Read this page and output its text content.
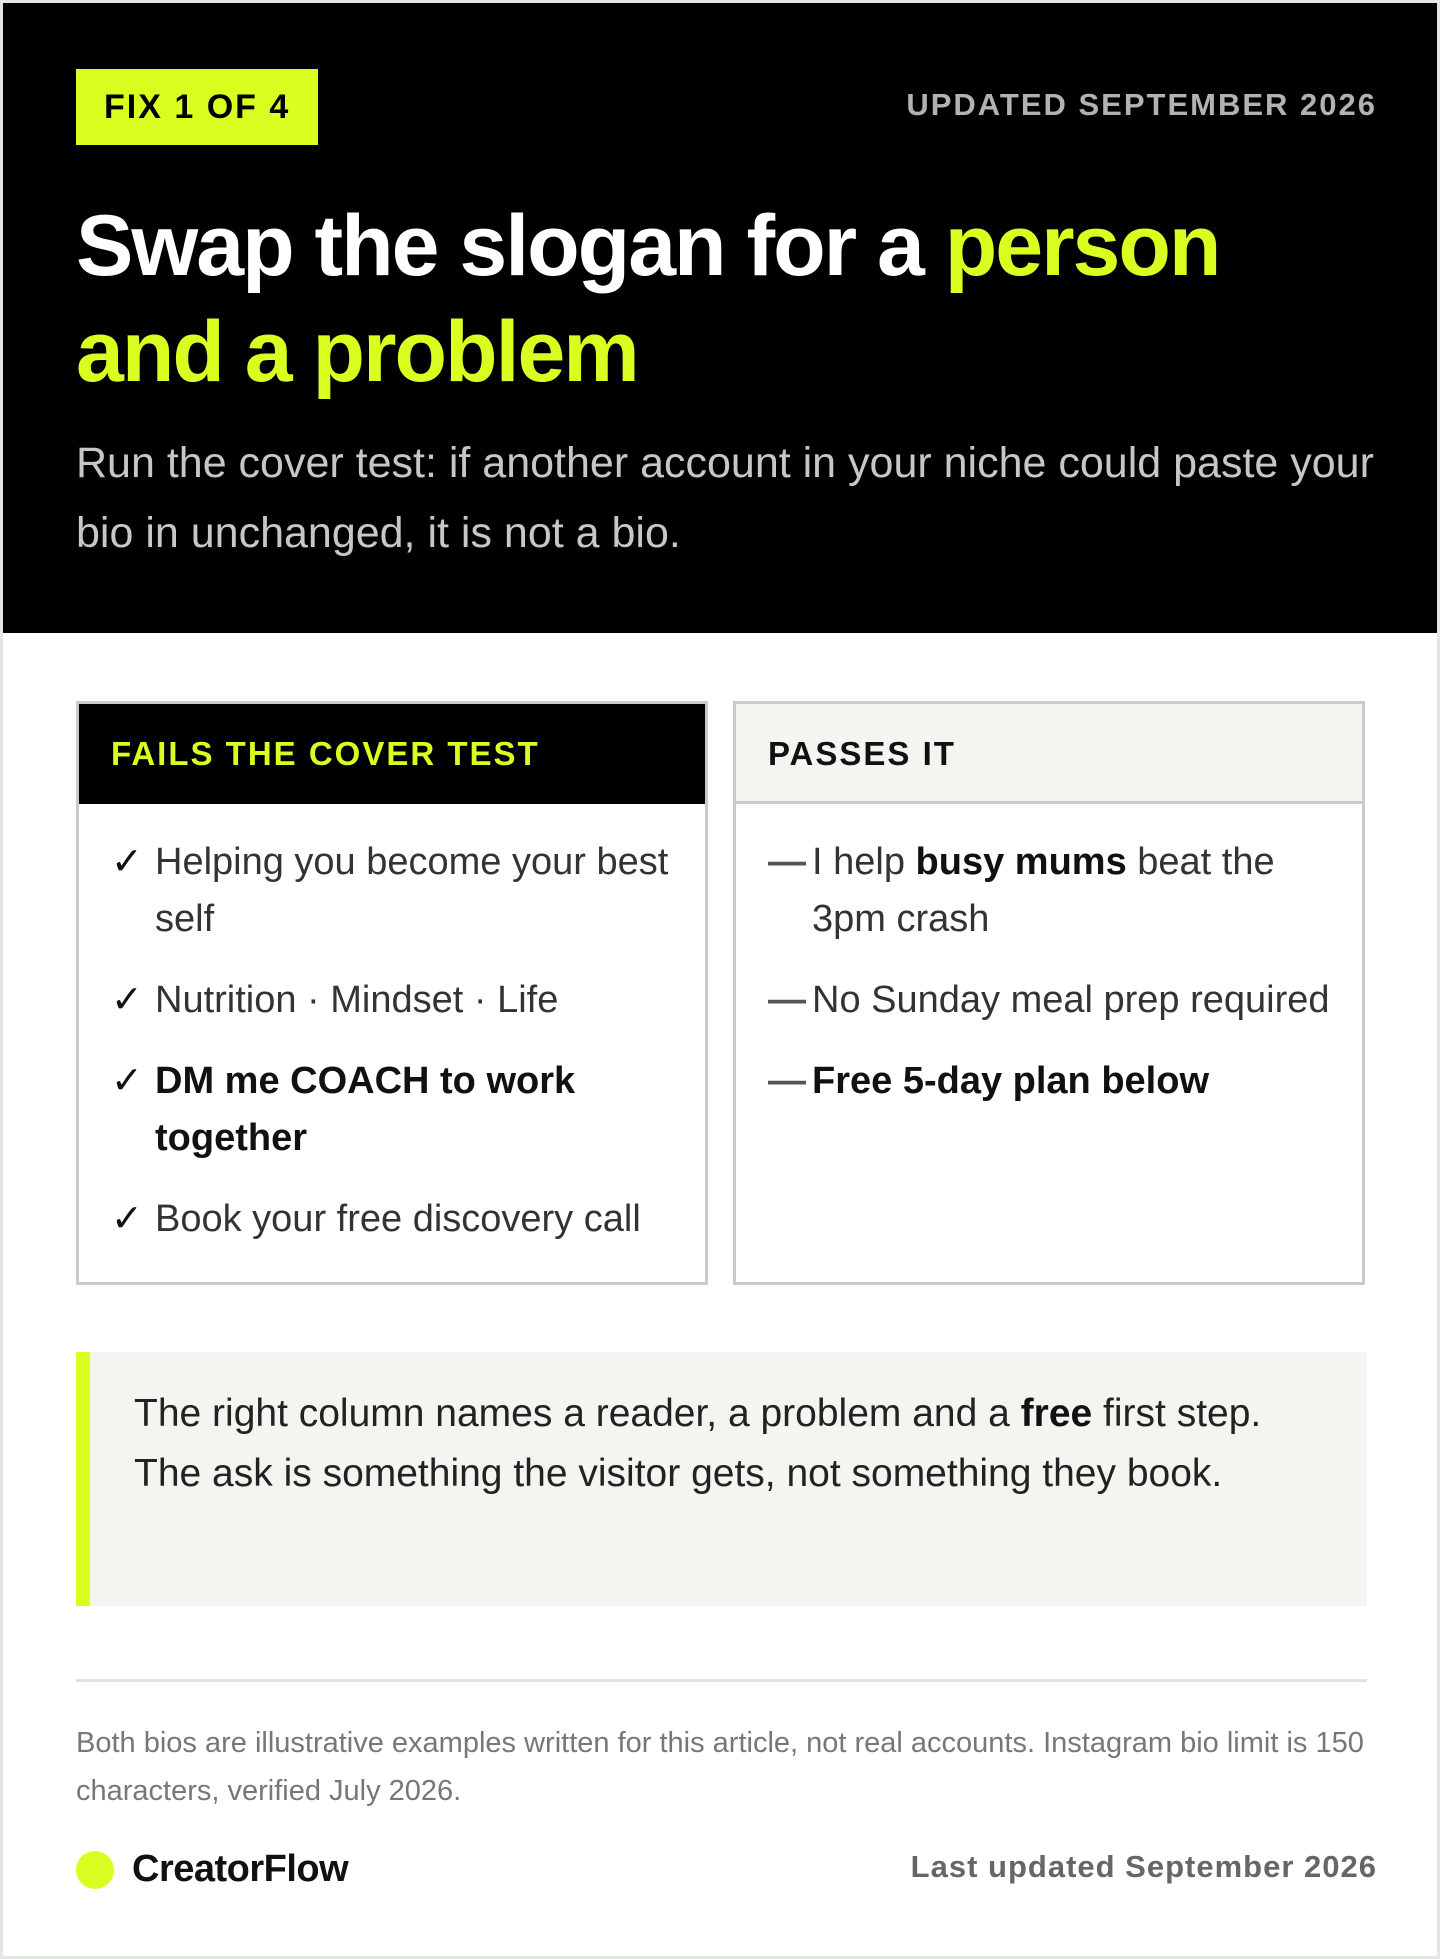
FIX 1 OF 4	UPDATED SEPTEMBER 2026
Swap the slogan for a person and a problem

Run the cover test: if another account in your niche could paste your bio in unchanged, it is not a bio.

FAILS THE COVER TEST
✓ Helping you become your best self
✓ Nutrition · Mindset · Life
✓ DM me COACH to work together
✓ Book your free discovery call
PASSES IT
— I help busy mums beat the 3pm crash
— No Sunday meal prep required
— Free 5-day plan below

The right column names a reader, a problem and a free first step. The ask is something the visitor gets, not something they book.

Both bios are illustrative examples written for this article, not real accounts. Instagram bio limit is 150 characters, verified July 2026.

CreatorFlow	Last updated September 2026
